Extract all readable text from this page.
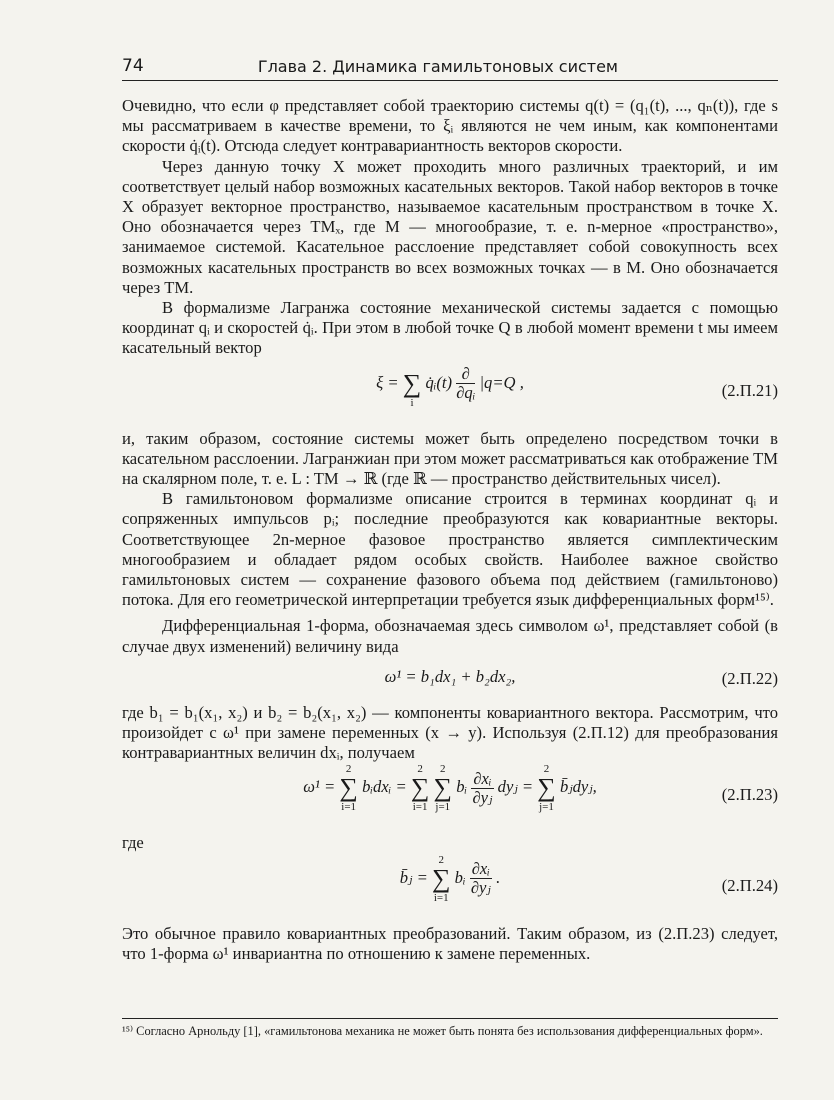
74	Глава 2. Динамика гамильтоновых систем

Очевидно, что если φ представляет собой траекторию системы q(t) = (q₁(t), ..., qₙ(t)), где s мы рассматриваем в качестве времени, то ξᵢ являются не чем иным, как компонентами скорости q̇ᵢ(t). Отсюда следует контравариантность векторов скорости.

Через данную точку X может проходить много различных траекторий, и им соответствует целый набор возможных касательных векторов. Такой набор векторов в точке X образует векторное пространство, называемое касательным пространством в точке X. Оно обозначается через TMₓ, где M — многообразие, т. е. n-мерное «пространство», занимаемое системой. Касательное расслоение представляет собой совокупность всех возможных касательных пространств во всех возможных точках — в M. Оно обозначается через TM.

В формализме Лагранжа состояние механической системы задается с помощью координат qᵢ и скоростей q̇ᵢ. При этом в любой точке Q в любой момент времени t мы имеем касательный вектор

ξ =
∑
i
q̇ᵢ(t) $\frac{\partial}{\text{∂qᵢ}} |q=Q$ ,	(2.П.21)

и, таким образом, состояние системы может быть определено посредством точки в касательном расслоении. Лагранжиан при этом может рассматриваться как отображение TM на скалярном поле, т. е. L : TM → ℝ (где ℝ — пространство действительных чисел).

В гамильтоновом формализме описание строится в терминах координат qᵢ и сопряженных импульсов pᵢ; последние преобразуются как ковариантные векторы. Соответствующее 2n-мерное фазовое пространство является симплектическим многообразием и обладает рядом особых свойств. Наиболее важное свойство гамильтоновых систем — сохранение фазового объема под действием (гамильтоново) потока. Для его геометрической интерпретации требуется язык дифференциальных форм¹⁵⁾.

Дифференциальная 1-форма, обозначаемая здесь символом ω¹, представляет собой (в случае двух изменений) величину вида

ω¹ = b₁dx₁ + b₂dx₂,	(2.П.22)

где b₁ = b₁(x₁, x₂) и b₂ = b₂(x₁, x₂) — компоненты ковариантного вектора. Рассмотрим, что произойдет с ω¹ при замене переменных (x → y). Используя (2.П.12) для преобразования контравариантных величин dxᵢ, получаем

ω¹ =
2
∑
i=1
bᵢdxᵢ =
2
∑
i=1

2
∑
j=1
bᵢ $\frac{\text{∂xᵢ}}{\text{∂yⱼ}}$ dyⱼ =
2
∑
j=1
b̄ⱼdyⱼ,	(2.П.23)

где

b̄ⱼ =
2
∑
i=1
bᵢ $\frac{\text{∂xᵢ}}{\text{∂yⱼ}}$ .	(2.П.24)

Это обычное правило ковариантных преобразований. Таким образом, из (2.П.23) следует, что 1-форма ω¹ инвариантна по отношению к замене переменных.

¹⁵⁾ Согласно Арнольду [1], «гамильтонова механика не может быть понята без использования дифференциальных форм».
